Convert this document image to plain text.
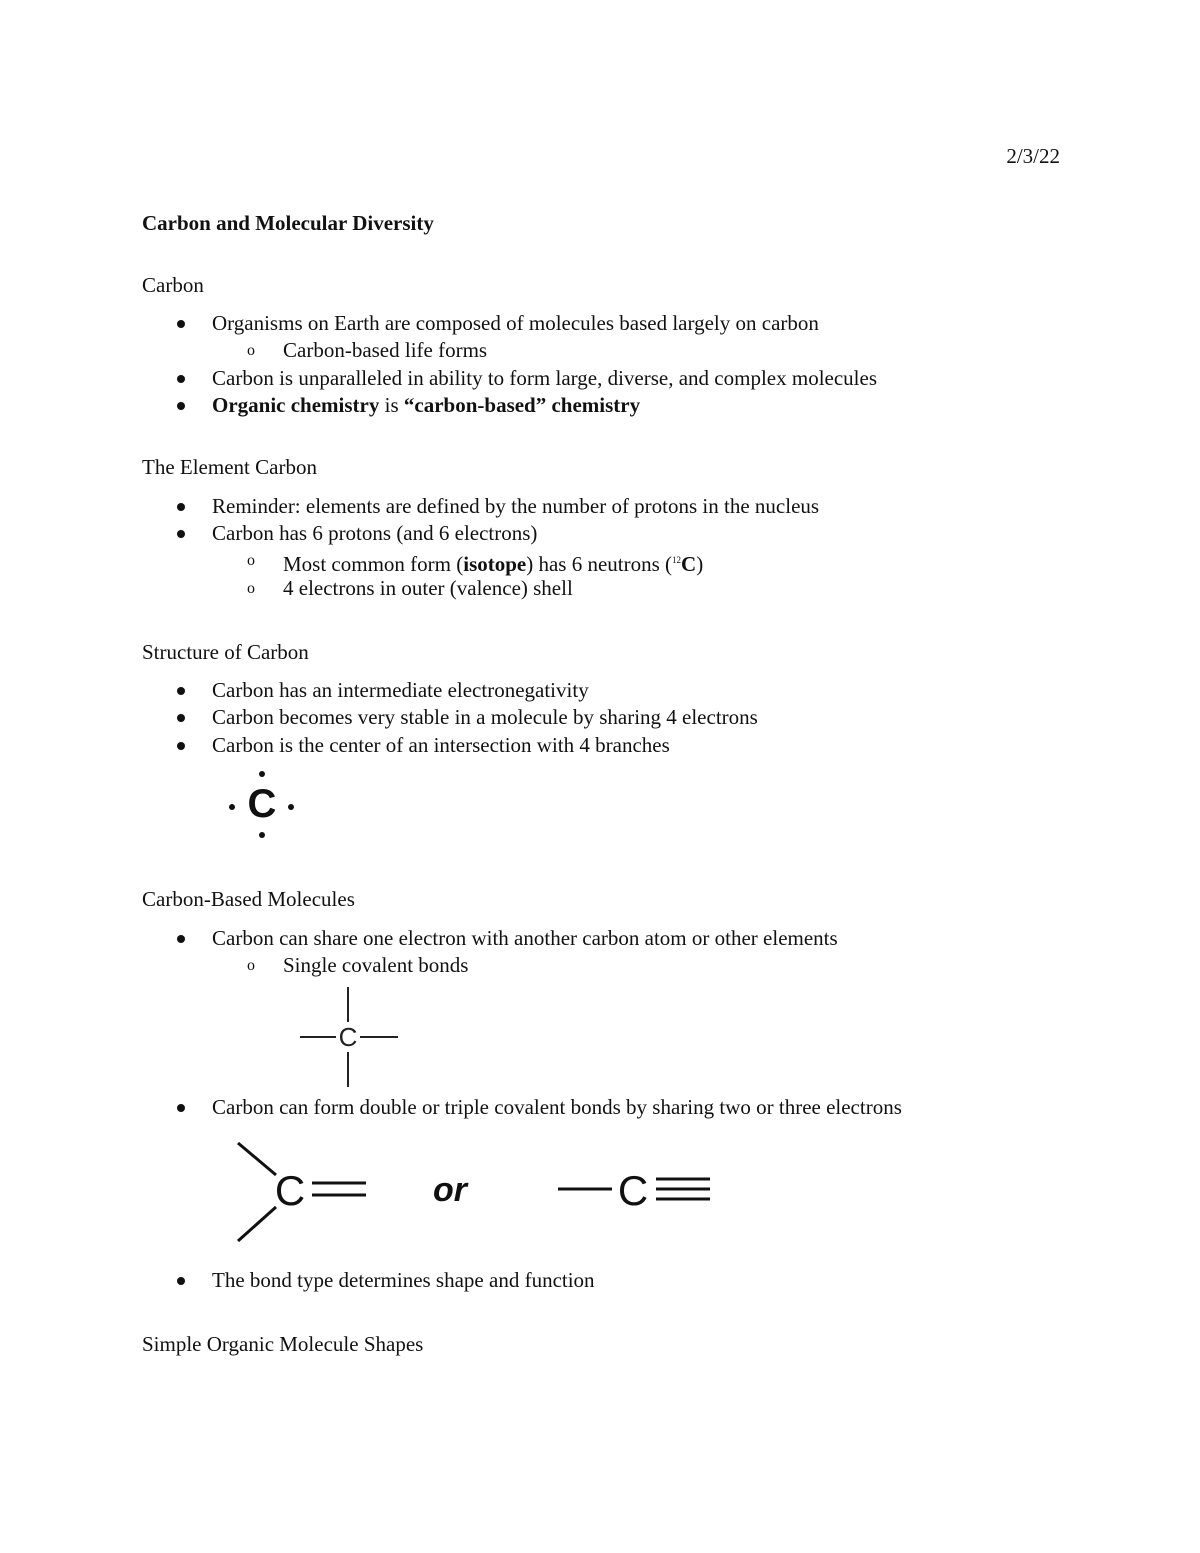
2/3/22
Carbon and Molecular Diversity
Carbon
Organisms on Earth are composed of molecules based largely on carbon
o Carbon-based life forms
Carbon is unparalleled in ability to form large, diverse, and complex molecules
Organic chemistry is “carbon-based” chemistry
The Element Carbon
Reminder: elements are defined by the number of protons in the nucleus
Carbon has 6 protons (and 6 electrons)
o Most common form (isotope) has 6 neutrons ($^{12}$C)
o 4 electrons in outer (valence) shell
Structure of Carbon
Carbon has an intermediate electronegativity
Carbon becomes very stable in a molecule by sharing 4 electrons
Carbon is the center of an intersection with 4 branches
C
Carbon-Based Molecules
Carbon can share one electron with another carbon atom or other elements
o Single covalent bonds
C
Carbon can form double or triple covalent bonds by sharing two or three electrons
C	or	C
The bond type determines shape and function
Simple Organic Molecule Shapes
